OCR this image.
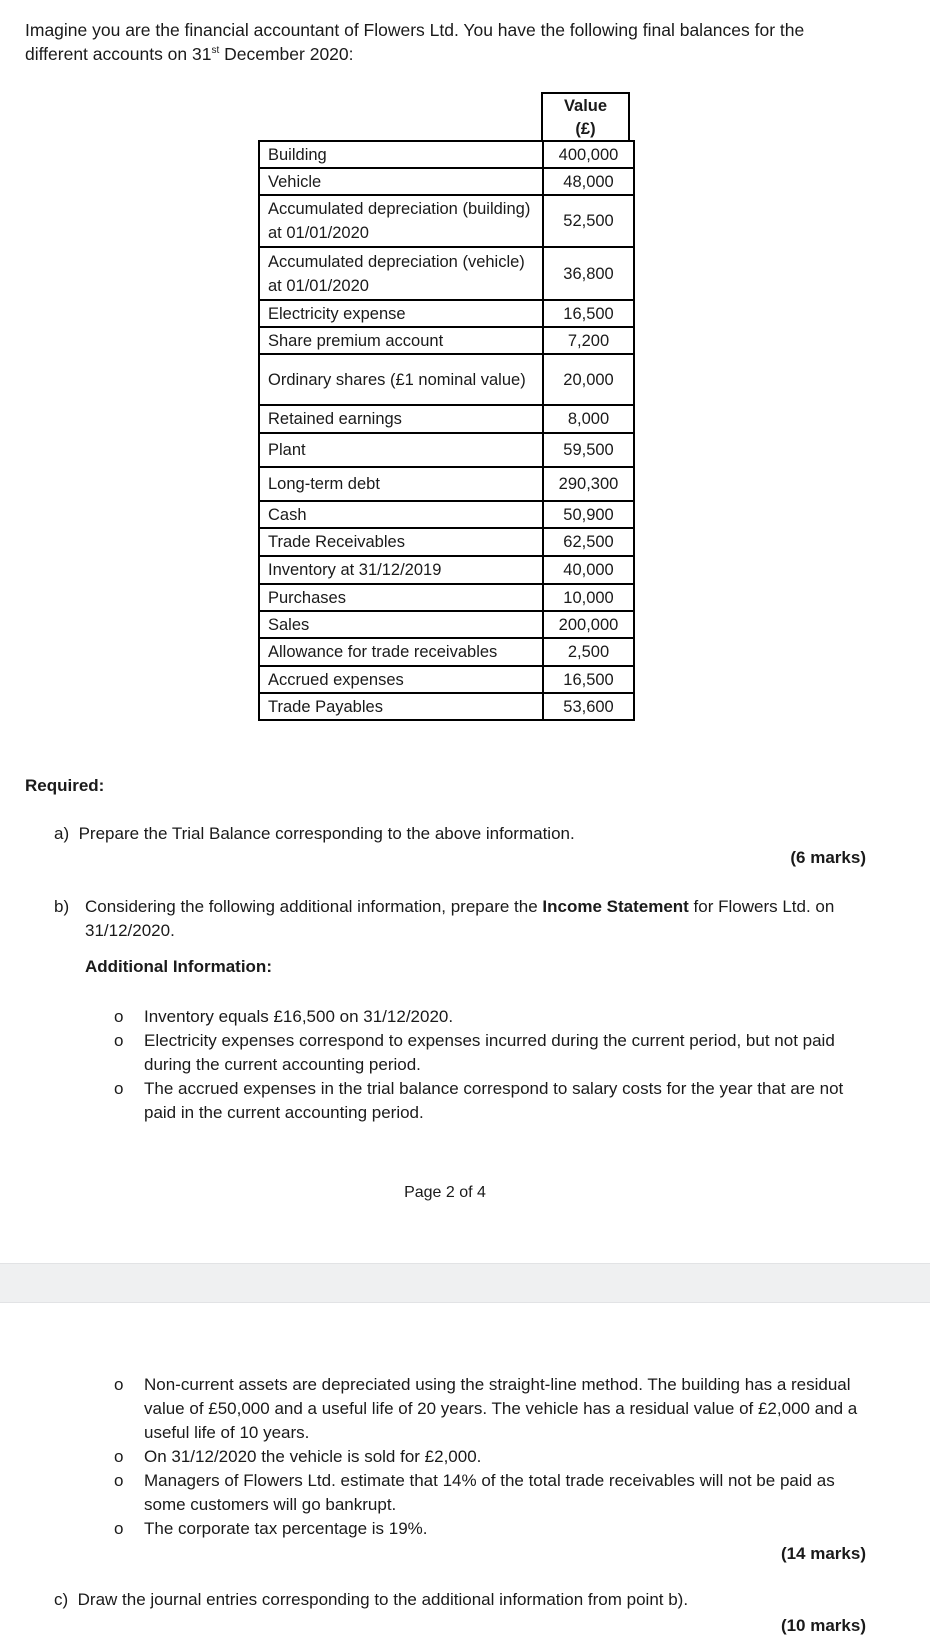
Imagine you are the financial accountant of Flowers Ltd. You have the following final balances for the
different accounts on 31st December 2020:
Value
(£)
Building	400,000
Vehicle	48,000
Accumulated depreciation (building) at 01/01/2020	52,500
Accumulated depreciation (vehicle) at 01/01/2020	36,800
Electricity expense	16,500
Share premium account	7,200
Ordinary shares (£1 nominal value)	20,000
Retained earnings	8,000
Plant	59,500
Long-term debt	290,300
Cash	50,900
Trade Receivables	62,500
Inventory at 31/12/2019	40,000
Purchases	10,000
Sales	200,000
Allowance for trade receivables	2,500
Accrued expenses	16,500
Trade Payables	53,600
Required:
a) Prepare the Trial Balance corresponding to the above information.
(6 marks)
b) Considering the following additional information, prepare the Income Statement for Flowers Ltd. on 31/12/2020.
Additional Information:
o Inventory equals £16,500 on 31/12/2020.
o Electricity expenses correspond to expenses incurred during the current period, but not paid during the current accounting period.
o The accrued expenses in the trial balance correspond to salary costs for the year that are not paid in the current accounting period.
Page 2 of 4
o Non-current assets are depreciated using the straight-line method. The building has a residual value of £50,000 and a useful life of 20 years. The vehicle has a residual value of £2,000 and a useful life of 10 years.
o On 31/12/2020 the vehicle is sold for £2,000.
o Managers of Flowers Ltd. estimate that 14% of the total trade receivables will not be paid as some customers will go bankrupt.
o The corporate tax percentage is 19%.
(14 marks)
c) Draw the journal entries corresponding to the additional information from point b).
(10 marks)
